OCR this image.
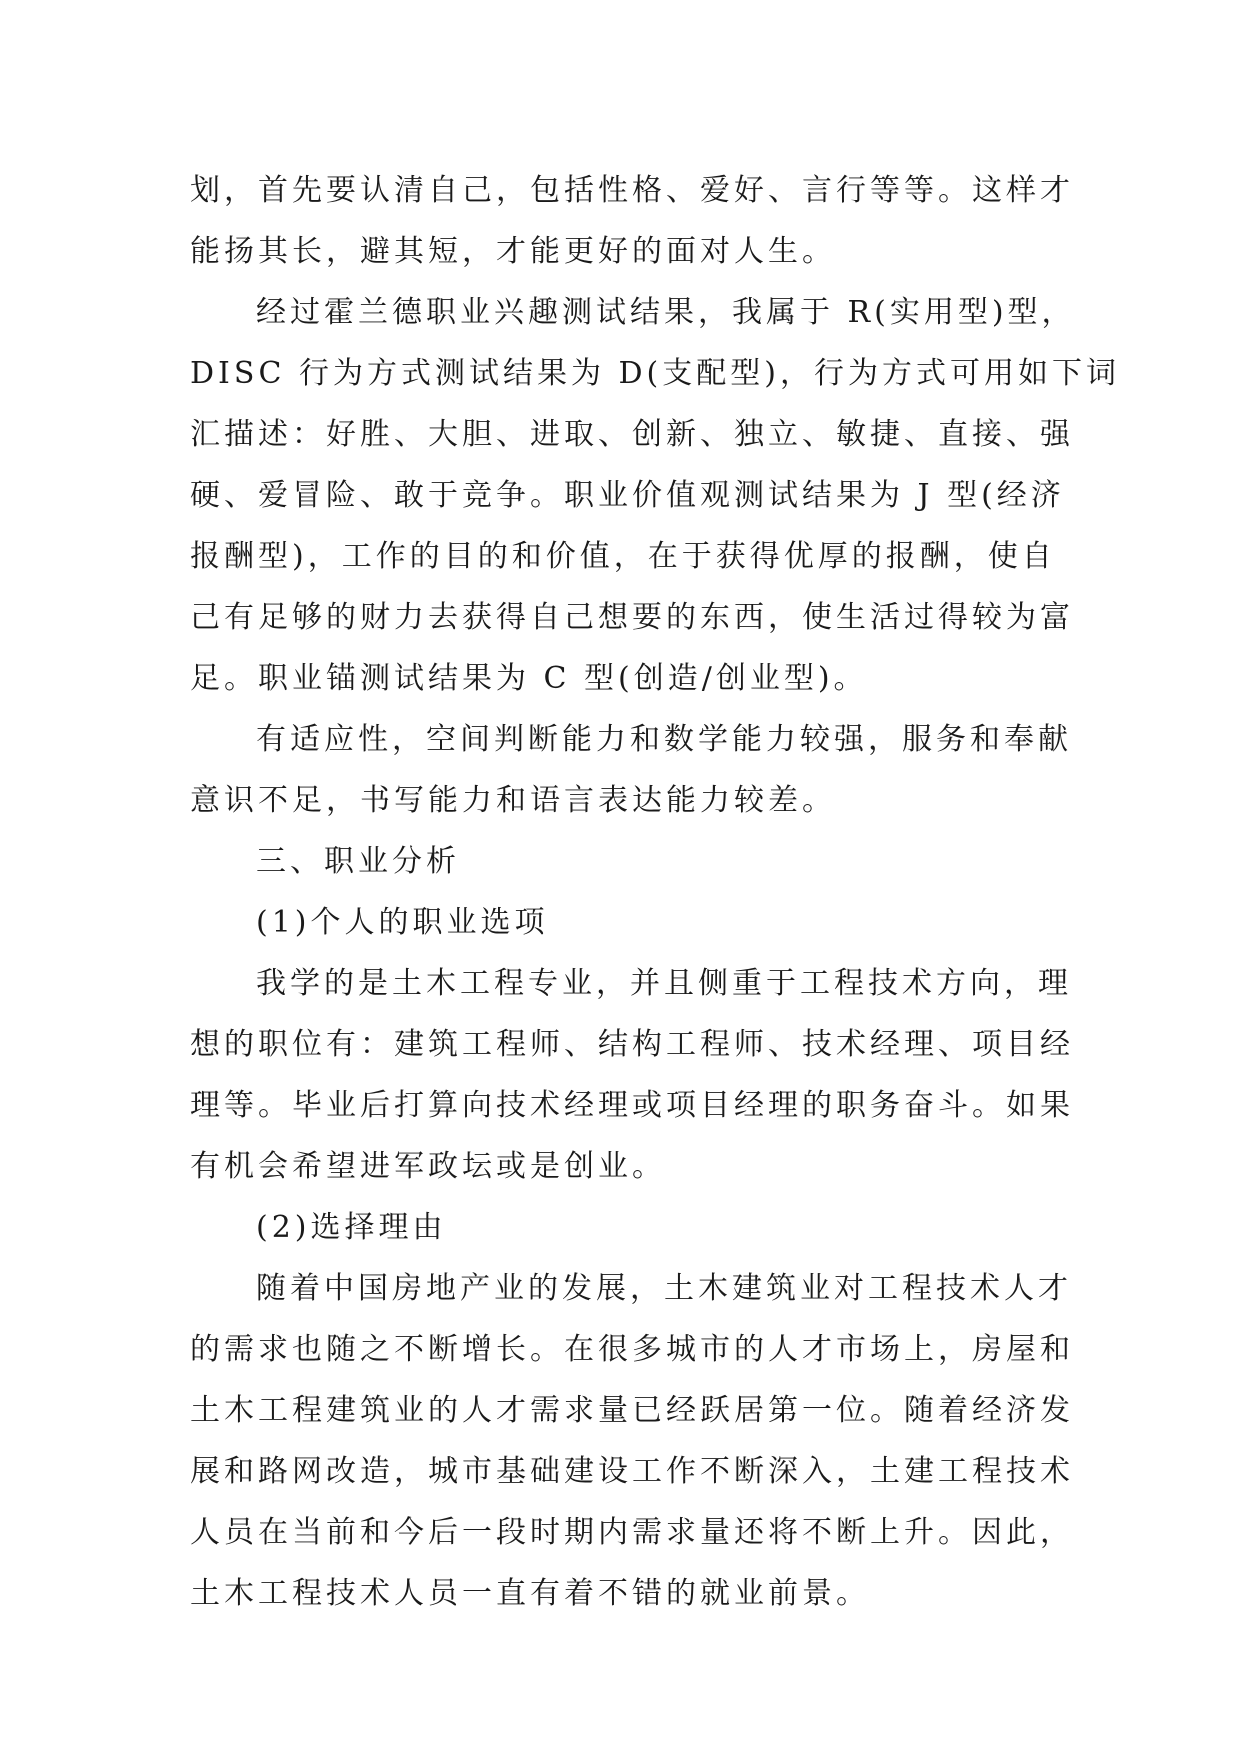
划，首先要认清自己，包括性格、爱好、言行等等。这样才
能扬其长，避其短，才能更好的面对人生。
经过霍兰德职业兴趣测试结果，我属于 R(实用型)型，
DISC 行为方式测试结果为 D(支配型)，行为方式可用如下词
汇描述：好胜、大胆、进取、创新、独立、敏捷、直接、强
硬、爱冒险、敢于竞争。职业价值观测试结果为 J 型(经济
报酬型)，工作的目的和价值，在于获得优厚的报酬，使自
己有足够的财力去获得自己想要的东西，使生活过得较为富
足。职业锚测试结果为 C 型(创造/创业型)。
有适应性，空间判断能力和数学能力较强，服务和奉献
意识不足，书写能力和语言表达能力较差。
三、职业分析
(1)个人的职业选项
我学的是土木工程专业，并且侧重于工程技术方向，理
想的职位有：建筑工程师、结构工程师、技术经理、项目经
理等。毕业后打算向技术经理或项目经理的职务奋斗。如果
有机会希望进军政坛或是创业。
(2)选择理由
随着中国房地产业的发展，土木建筑业对工程技术人才
的需求也随之不断增长。在很多城市的人才市场上，房屋和
土木工程建筑业的人才需求量已经跃居第一位。随着经济发
展和路网改造，城市基础建设工作不断深入，土建工程技术
人员在当前和今后一段时期内需求量还将不断上升。因此，
土木工程技术人员一直有着不错的就业前景。
